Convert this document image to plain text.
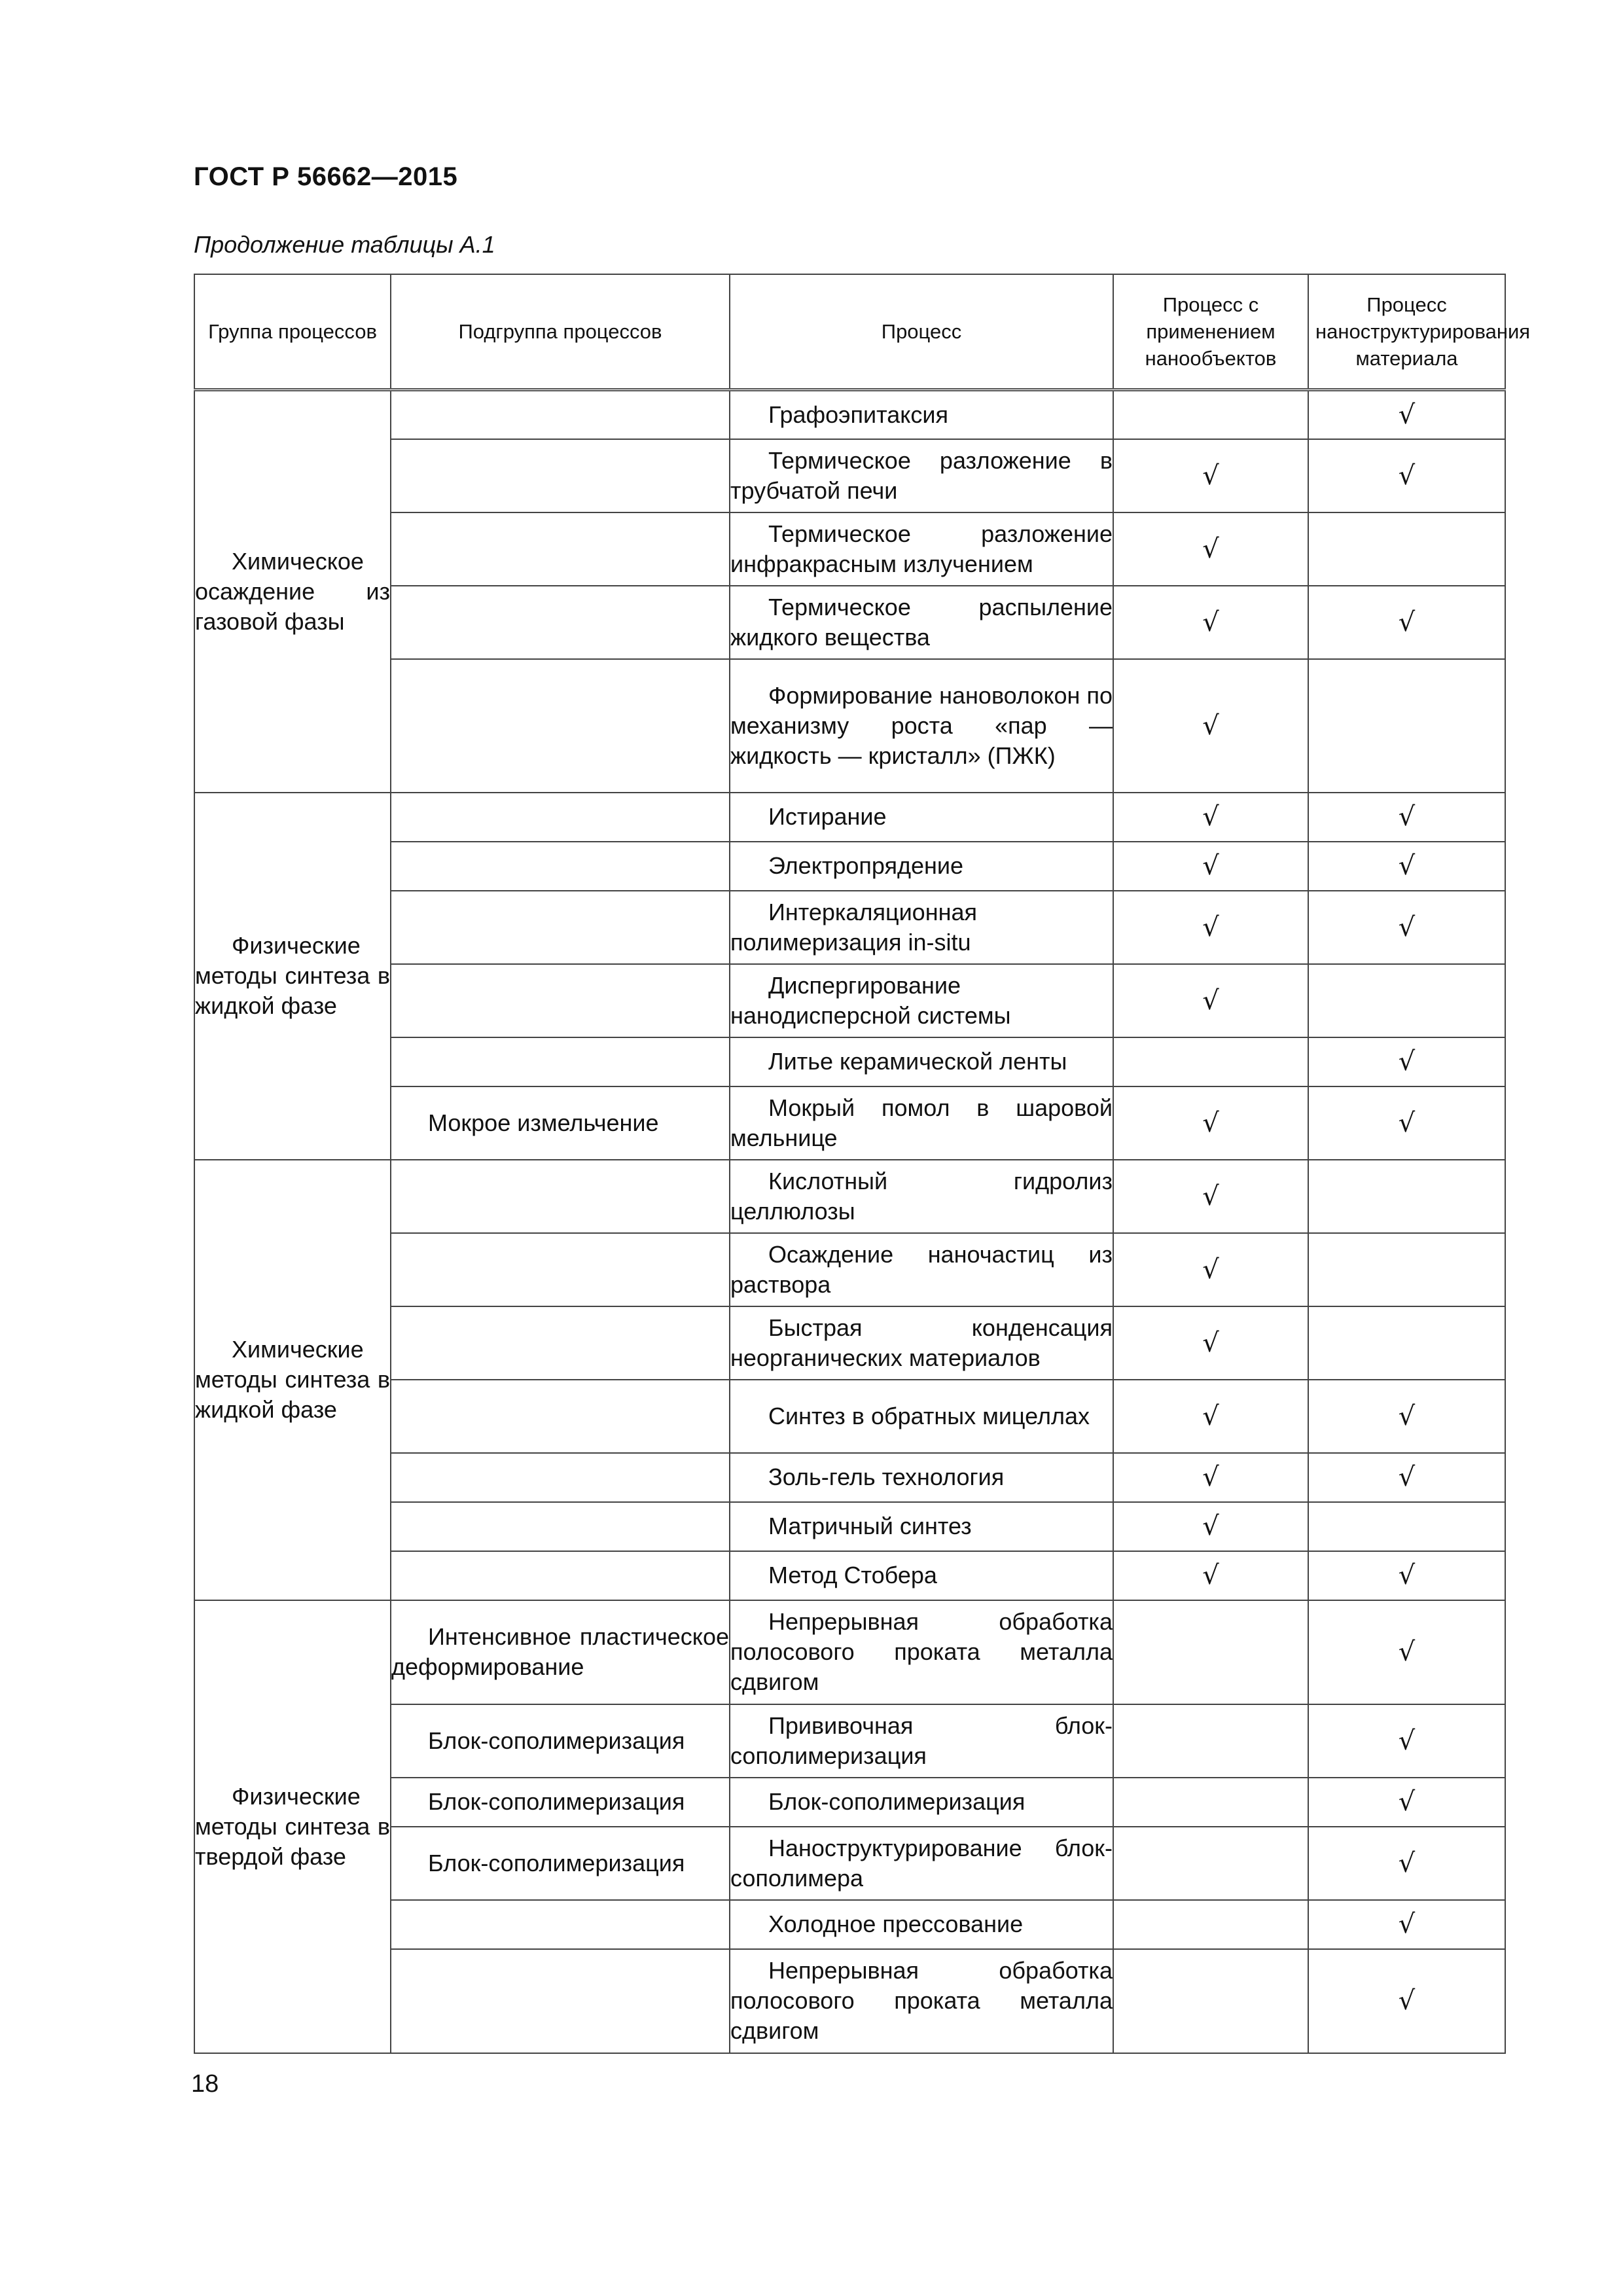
ГОСТ Р 56662—2015
Продолжение таблицы А.1
Группа процессов	Подгруппа процессов	Процесс	Процесс с применением нанообъектов	Процесс наноструктурирования материала
Химическое осаждение из газовой фазы		Графоэпитаксия		√
		Термическое разложение в трубчатой печи	√	√
		Термическое разложение инфракрасным излучением	√	
		Термическое распыление жидкого вещества	√	√
		Формирование нановолокон по механизму роста «пар — жидкость — кристалл» (ПЖК)	√	
Физические методы синтеза в жидкой фазе		Истирание	√	√
		Электропрядение	√	√
		Интеркаляционная полимеризация in-situ	√	√
		Диспергирование нанодисперсной системы	√	
		Литье керамической ленты		√
	Мокрое измельчение	Мокрый помол в шаровой мельнице	√	√
Химические методы синтеза в жидкой фазе		Кислотный гидролиз целлюлозы	√	
		Осаждение наночастиц из раствора	√	
		Быстрая конденсация неорганических материалов	√	
		Синтез в обратных мицеллах	√	√
		Золь-гель технология	√	√
		Матричный синтез	√	
		Метод Стобера	√	√
Физические методы синтеза в твердой фазе	Интенсивное пластическое деформирование	Непрерывная обработка полосового проката металла сдвигом		√
	Блок-сополимеризация	Прививочная блок-сополимеризация		√
	Блок-сополимеризация	Блок-сополимеризация		√
	Блок-сополимеризация	Наноструктурирование блок-сополимера		√
		Холодное прессование		√
		Непрерывная обработка полосового проката металла сдвигом		√
18
